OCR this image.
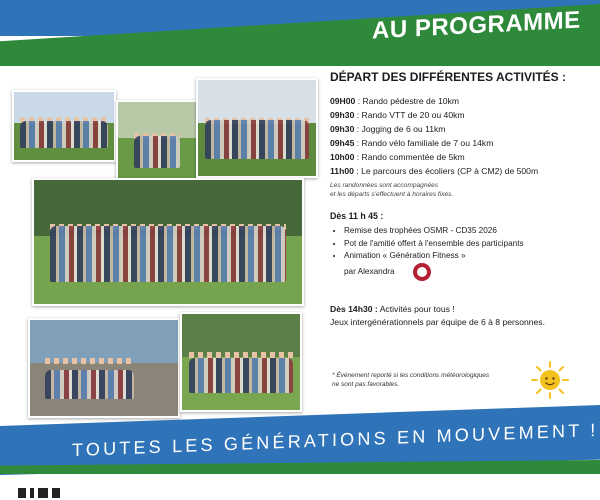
AU PROGRAMME
DÉPART DES DIFFÉRENTES ACTIVITÉS :
09H00 : Rando pédestre de 10km
09h30 : Rando VTT de 20 ou 40km
09h30 : Jogging de 6 ou 11km
09h45 : Rando vélo familiale de 7 ou 14km
10h00 : Rando commentée de 5km
11h00 : Le parcours des écoliers (CP à CM2) de 500m
Les randonnées sont accompagnées
et les départs s'effectuent à horaires fixes.
Dès 11 h 45 :
• Remise des trophées OSMR - CD35 2026
• Pot de l'amitié offert à l'ensemble des participants
• Animation « Génération Fitness »
par Alexandra
Dès 14h30 : Activités pour tous !
Jeux intergénérationnels par équipe de 6 à 8 personnes.
* Événement reporté si les conditions météorologiques
ne sont pas favorables.
TOUTES LES GÉNÉRATIONS EN MOUVEMENT !
